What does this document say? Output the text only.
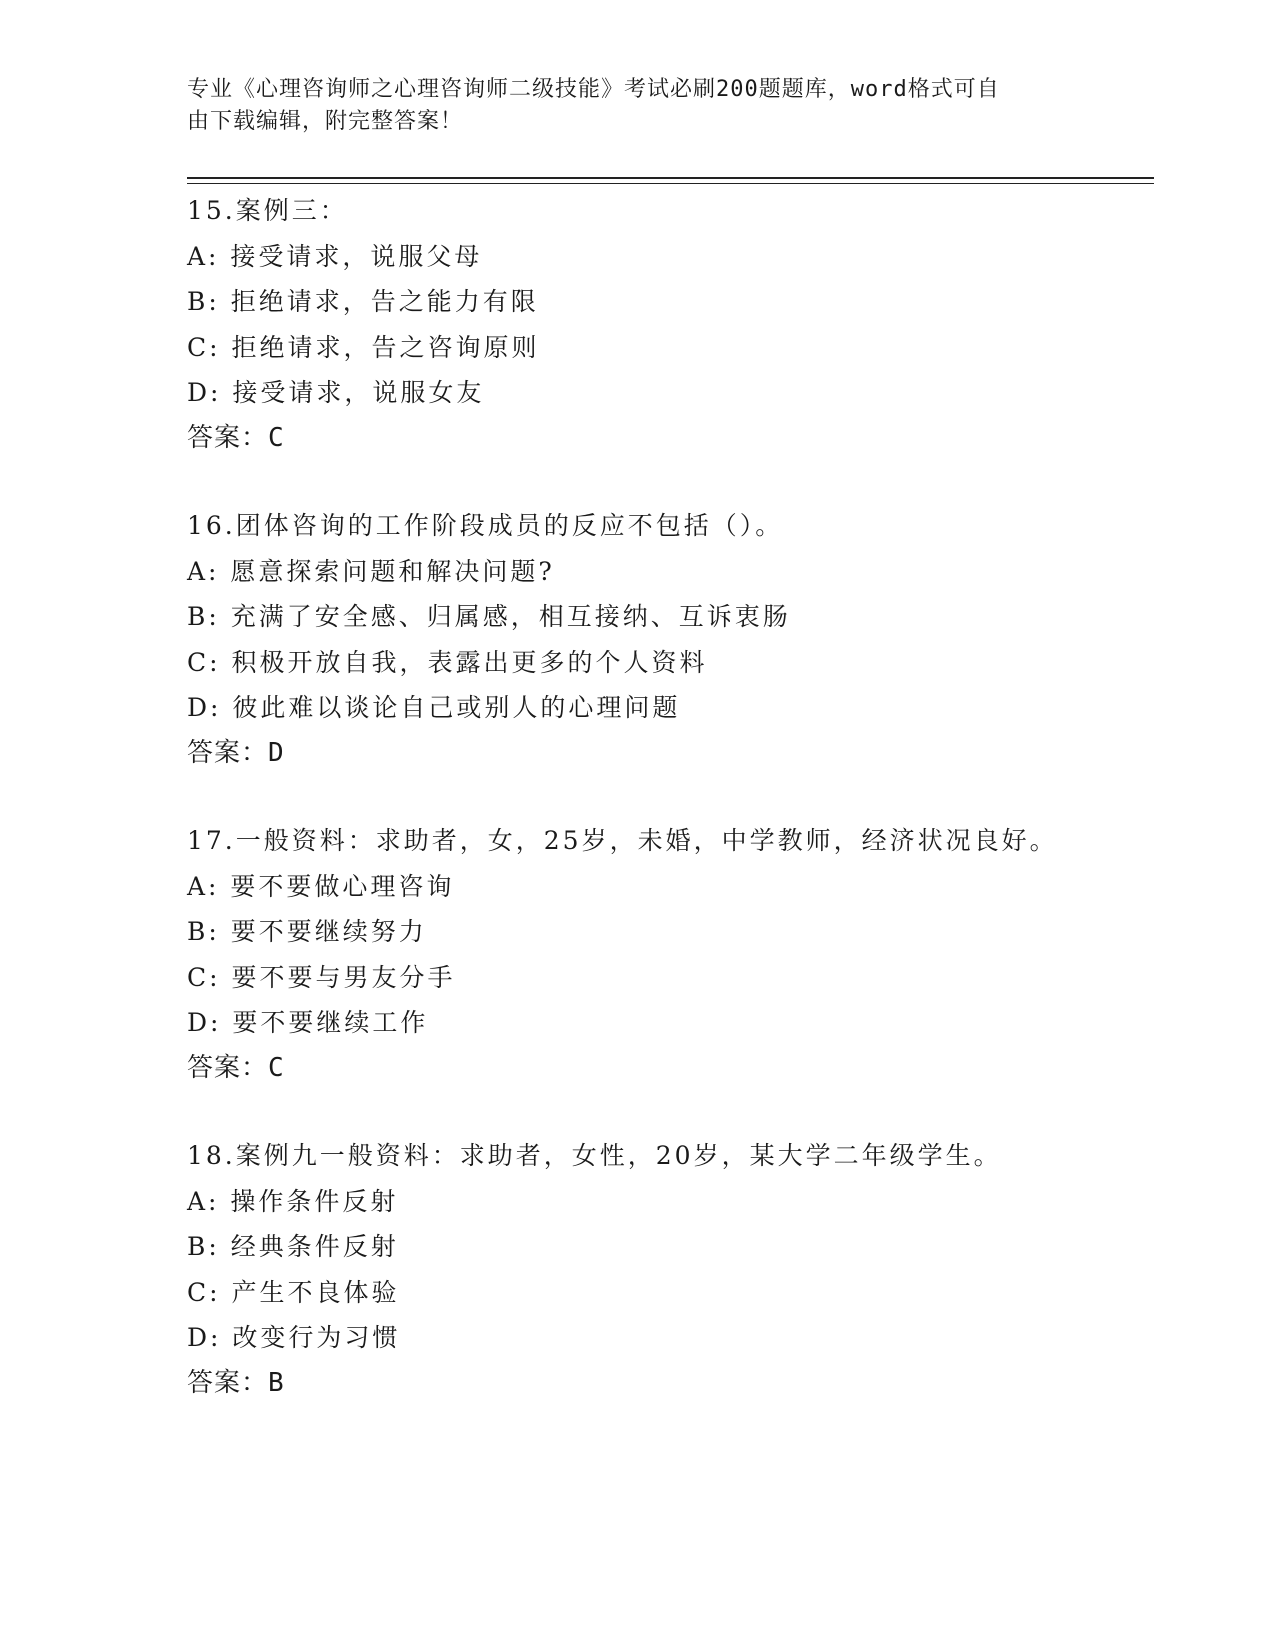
专业《心理咨询师之心理咨询师二级技能》考试必刷200题题库，word格式可自
由下载编辑，附完整答案！
15.案例三：
A: 接受请求，说服父母
B: 拒绝请求，告之能力有限
C: 拒绝请求，告之咨询原则
D: 接受请求，说服女友
答案：C
16.团体咨询的工作阶段成员的反应不包括（）。
A: 愿意探索问题和解决问题?
B: 充满了安全感、归属感，相互接纳、互诉衷肠
C: 积极开放自我，表露出更多的个人资料
D: 彼此难以谈论自己或别人的心理问题
答案：D
17.一般资料：求助者，女，25岁，未婚，中学教师，经济状况良好。
A: 要不要做心理咨询
B: 要不要继续努力
C: 要不要与男友分手
D: 要不要继续工作
答案：C
18.案例九一般资料：求助者，女性，20岁，某大学二年级学生。
A: 操作条件反射
B: 经典条件反射
C: 产生不良体验
D: 改变行为习惯
答案：B
